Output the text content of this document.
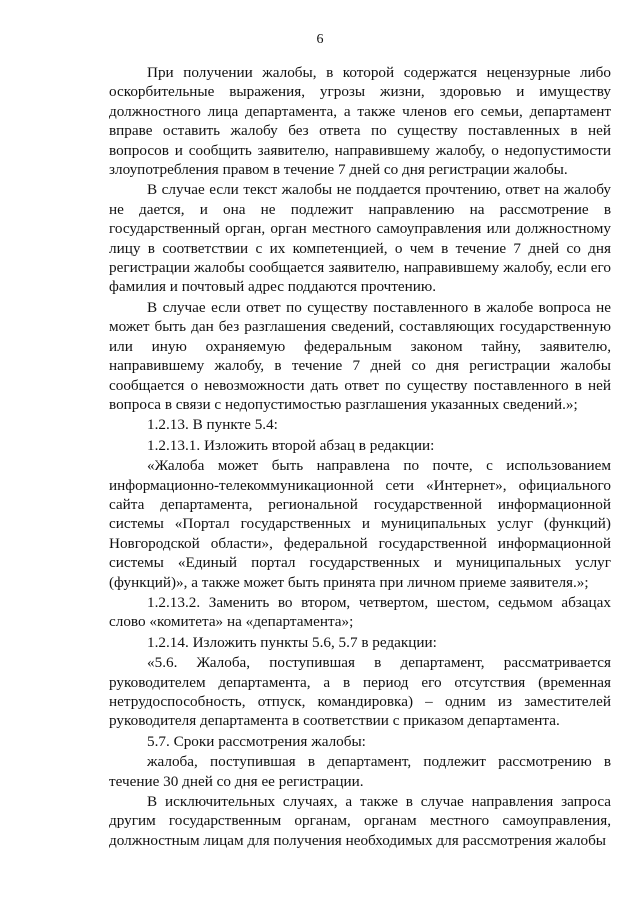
6

При получении жалобы, в которой содержатся нецензурные либо оскорбительные выражения, угрозы жизни, здоровью и имуществу должностного лица департамента, а также членов его семьи, департамент вправе оставить жалобу без ответа по существу поставленных в ней вопросов и сообщить заявителю, направившему жалобу, о недопустимости злоупотребления правом в течение 7 дней со дня регистрации жалобы.

В случае если текст жалобы не поддается прочтению, ответ на жалобу не дается, и она не подлежит направлению на рассмотрение в государственный орган, орган местного самоуправления или должностному лицу в соответствии с их компетенцией, о чем в течение 7 дней со дня регистрации жалобы сообщается заявителю, направившему жалобу, если его фамилия и почтовый адрес поддаются прочтению.

В случае если ответ по существу поставленного в жалобе вопроса не может быть дан без разглашения сведений, составляющих государственную или иную охраняемую федеральным законом тайну, заявителю, направившему жалобу, в течение 7 дней со дня регистрации жалобы сообщается о невозможности дать ответ по существу поставленного в ней вопроса в связи с недопустимостью разглашения указанных сведений.»;

1.2.13. В пункте 5.4:

1.2.13.1. Изложить второй абзац в редакции:

«Жалоба может быть направлена по почте, с использованием информационно-телекоммуникационной сети «Интернет», официального сайта департамента, региональной государственной информационной системы «Портал государственных и муниципальных услуг (функций) Новгородской области», федеральной государственной информационной системы «Единый портал государственных и муниципальных услуг (функций)», а также может быть принята при личном приеме заявителя.»;

1.2.13.2. Заменить во втором, четвертом, шестом, седьмом абзацах слово «комитета» на «департамента»;

1.2.14. Изложить пункты 5.6, 5.7 в редакции:

«5.6. Жалоба, поступившая в департамент, рассматривается руководителем департамента, а в период его отсутствия (временная нетрудоспособность, отпуск, командировка) – одним из заместителей руководителя департамента в соответствии с приказом департамента.

5.7. Сроки рассмотрения жалобы:

жалоба, поступившая в департамент, подлежит рассмотрению в течение 30 дней со дня ее регистрации.

В исключительных случаях, а также в случае направления запроса другим государственным органам, органам местного самоуправления, должностным лицам для получения необходимых для рассмотрения жалобы
